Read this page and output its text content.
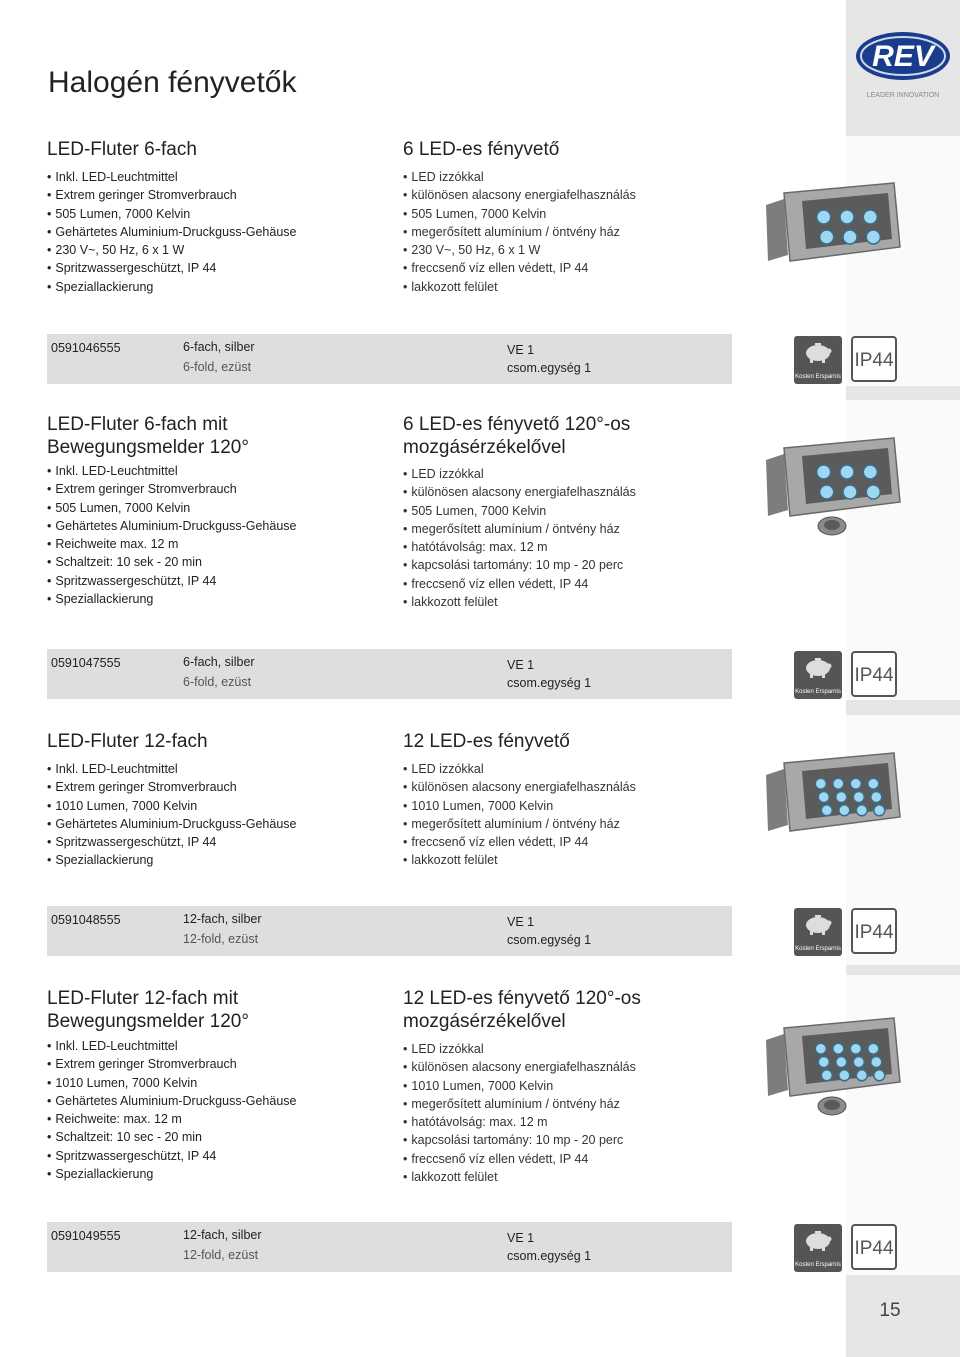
REV
LEADER INNOVATION
Halogén fényvetők
LED-Fluter 6-fach	6 LED-es fényvető
• Inkl. LED-Leuchtmittel
• Extrem geringer Stromverbrauch
• 505 Lumen, 7000 Kelvin
• Gehärtetes Aluminium-Druckguss-Gehäuse
• 230 V~, 50 Hz, 6 x 1 W
• Spritzwassergeschützt, IP 44
• Speziallackierung
• LED izzókkal
• különösen alacsony energiafelhasználás
• 505 Lumen, 7000 Kelvin
• megerősített alumínium / öntvény ház
• 230 V~, 50 Hz, 6 x 1 W
• freccsenő víz ellen védett, IP 44
• lakkozott felület
0591046555	6-fach, silber
6-fold, ezüst
VE 1
csom.egység 1
Kosten Ersparnis
IP44
LED-Fluter 6-fach mit Bewegungsmelder 120°
6 LED-es fényvető 120°-os mozgásérzékelővel
• Inkl. LED-Leuchtmittel
• Extrem geringer Stromverbrauch
• 505 Lumen, 7000 Kelvin
• Gehärtetes Aluminium-Druckguss-Gehäuse
• Reichweite max. 12 m
• Schaltzeit: 10 sek - 20 min
• Spritzwassergeschützt, IP 44
• Speziallackierung
• LED izzókkal
• különösen alacsony energiafelhasználás
• 505 Lumen, 7000 Kelvin
• megerősített alumínium / öntvény ház
• hatótávolság: max. 12 m
• kapcsolási tartomány: 10 mp - 20 perc
• freccsenő víz ellen védett, IP 44
• lakkozott felület
0591047555	6-fach, silber
6-fold, ezüst
VE 1
csom.egység 1
Kosten Ersparnis
IP44
LED-Fluter 12-fach	12 LED-es fényvető
• Inkl. LED-Leuchtmittel
• Extrem geringer Stromverbrauch
• 1010 Lumen, 7000 Kelvin
• Gehärtetes Aluminium-Druckguss-Gehäuse
• Spritzwassergeschützt, IP 44
• Speziallackierung
• LED izzókkal
• különösen alacsony energiafelhasználás
• 1010 Lumen, 7000 Kelvin
• megerősített alumínium / öntvény ház
• freccsenő víz ellen védett, IP 44
• lakkozott felület
0591048555	12-fach, silber
12-fold, ezüst
VE 1
csom.egység 1
Kosten Ersparnis
IP44
LED-Fluter 12-fach mit Bewegungsmelder 120°
12 LED-es fényvető 120°-os mozgásérzékelővel
• Inkl. LED-Leuchtmittel
• Extrem geringer Stromverbrauch
• 1010 Lumen, 7000 Kelvin
• Gehärtetes Aluminium-Druckguss-Gehäuse
• Reichweite: max. 12 m
• Schaltzeit: 10 sec - 20 min
• Spritzwassergeschützt, IP 44
• Speziallackierung
• LED izzókkal
• különösen alacsony energiafelhasználás
• 1010 Lumen, 7000 Kelvin
• megerősített alumínium / öntvény ház
• hatótávolság: max. 12 m
• kapcsolási tartomány: 10 mp - 20 perc
• freccsenő víz ellen védett, IP 44
• lakkozott felület
0591049555	12-fach, silber
12-fold, ezüst
VE 1
csom.egység 1
Kosten Ersparnis
IP44
15
